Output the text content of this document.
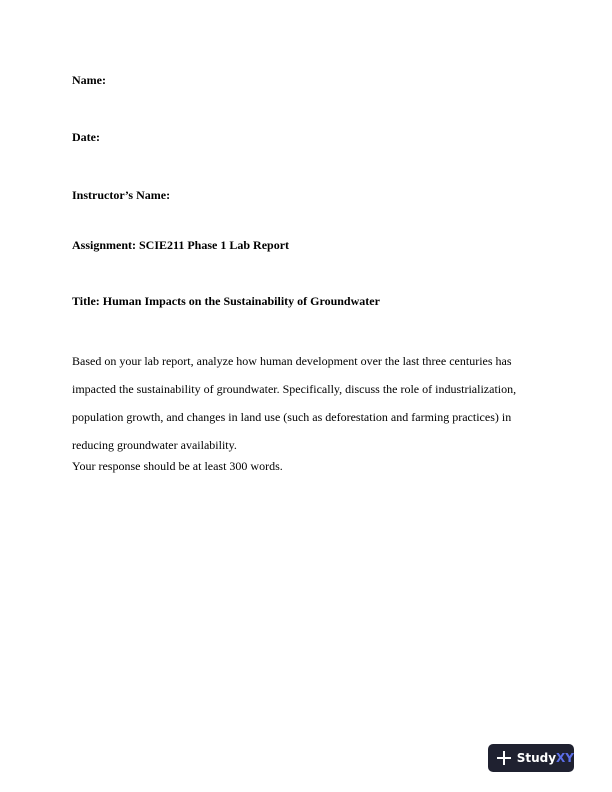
Name:
Date:
Instructor’s Name:
Assignment: SCIE211 Phase 1 Lab Report
Title: Human Impacts on the Sustainability of Groundwater
Based on your lab report, analyze how human development over the last three centuries has
impacted the sustainability of groundwater. Specifically, discuss the role of industrialization,
population growth, and changes in land use (such as deforestation and farming practices) in
reducing groundwater availability.
Your response should be at least 300 words.
Study XY
